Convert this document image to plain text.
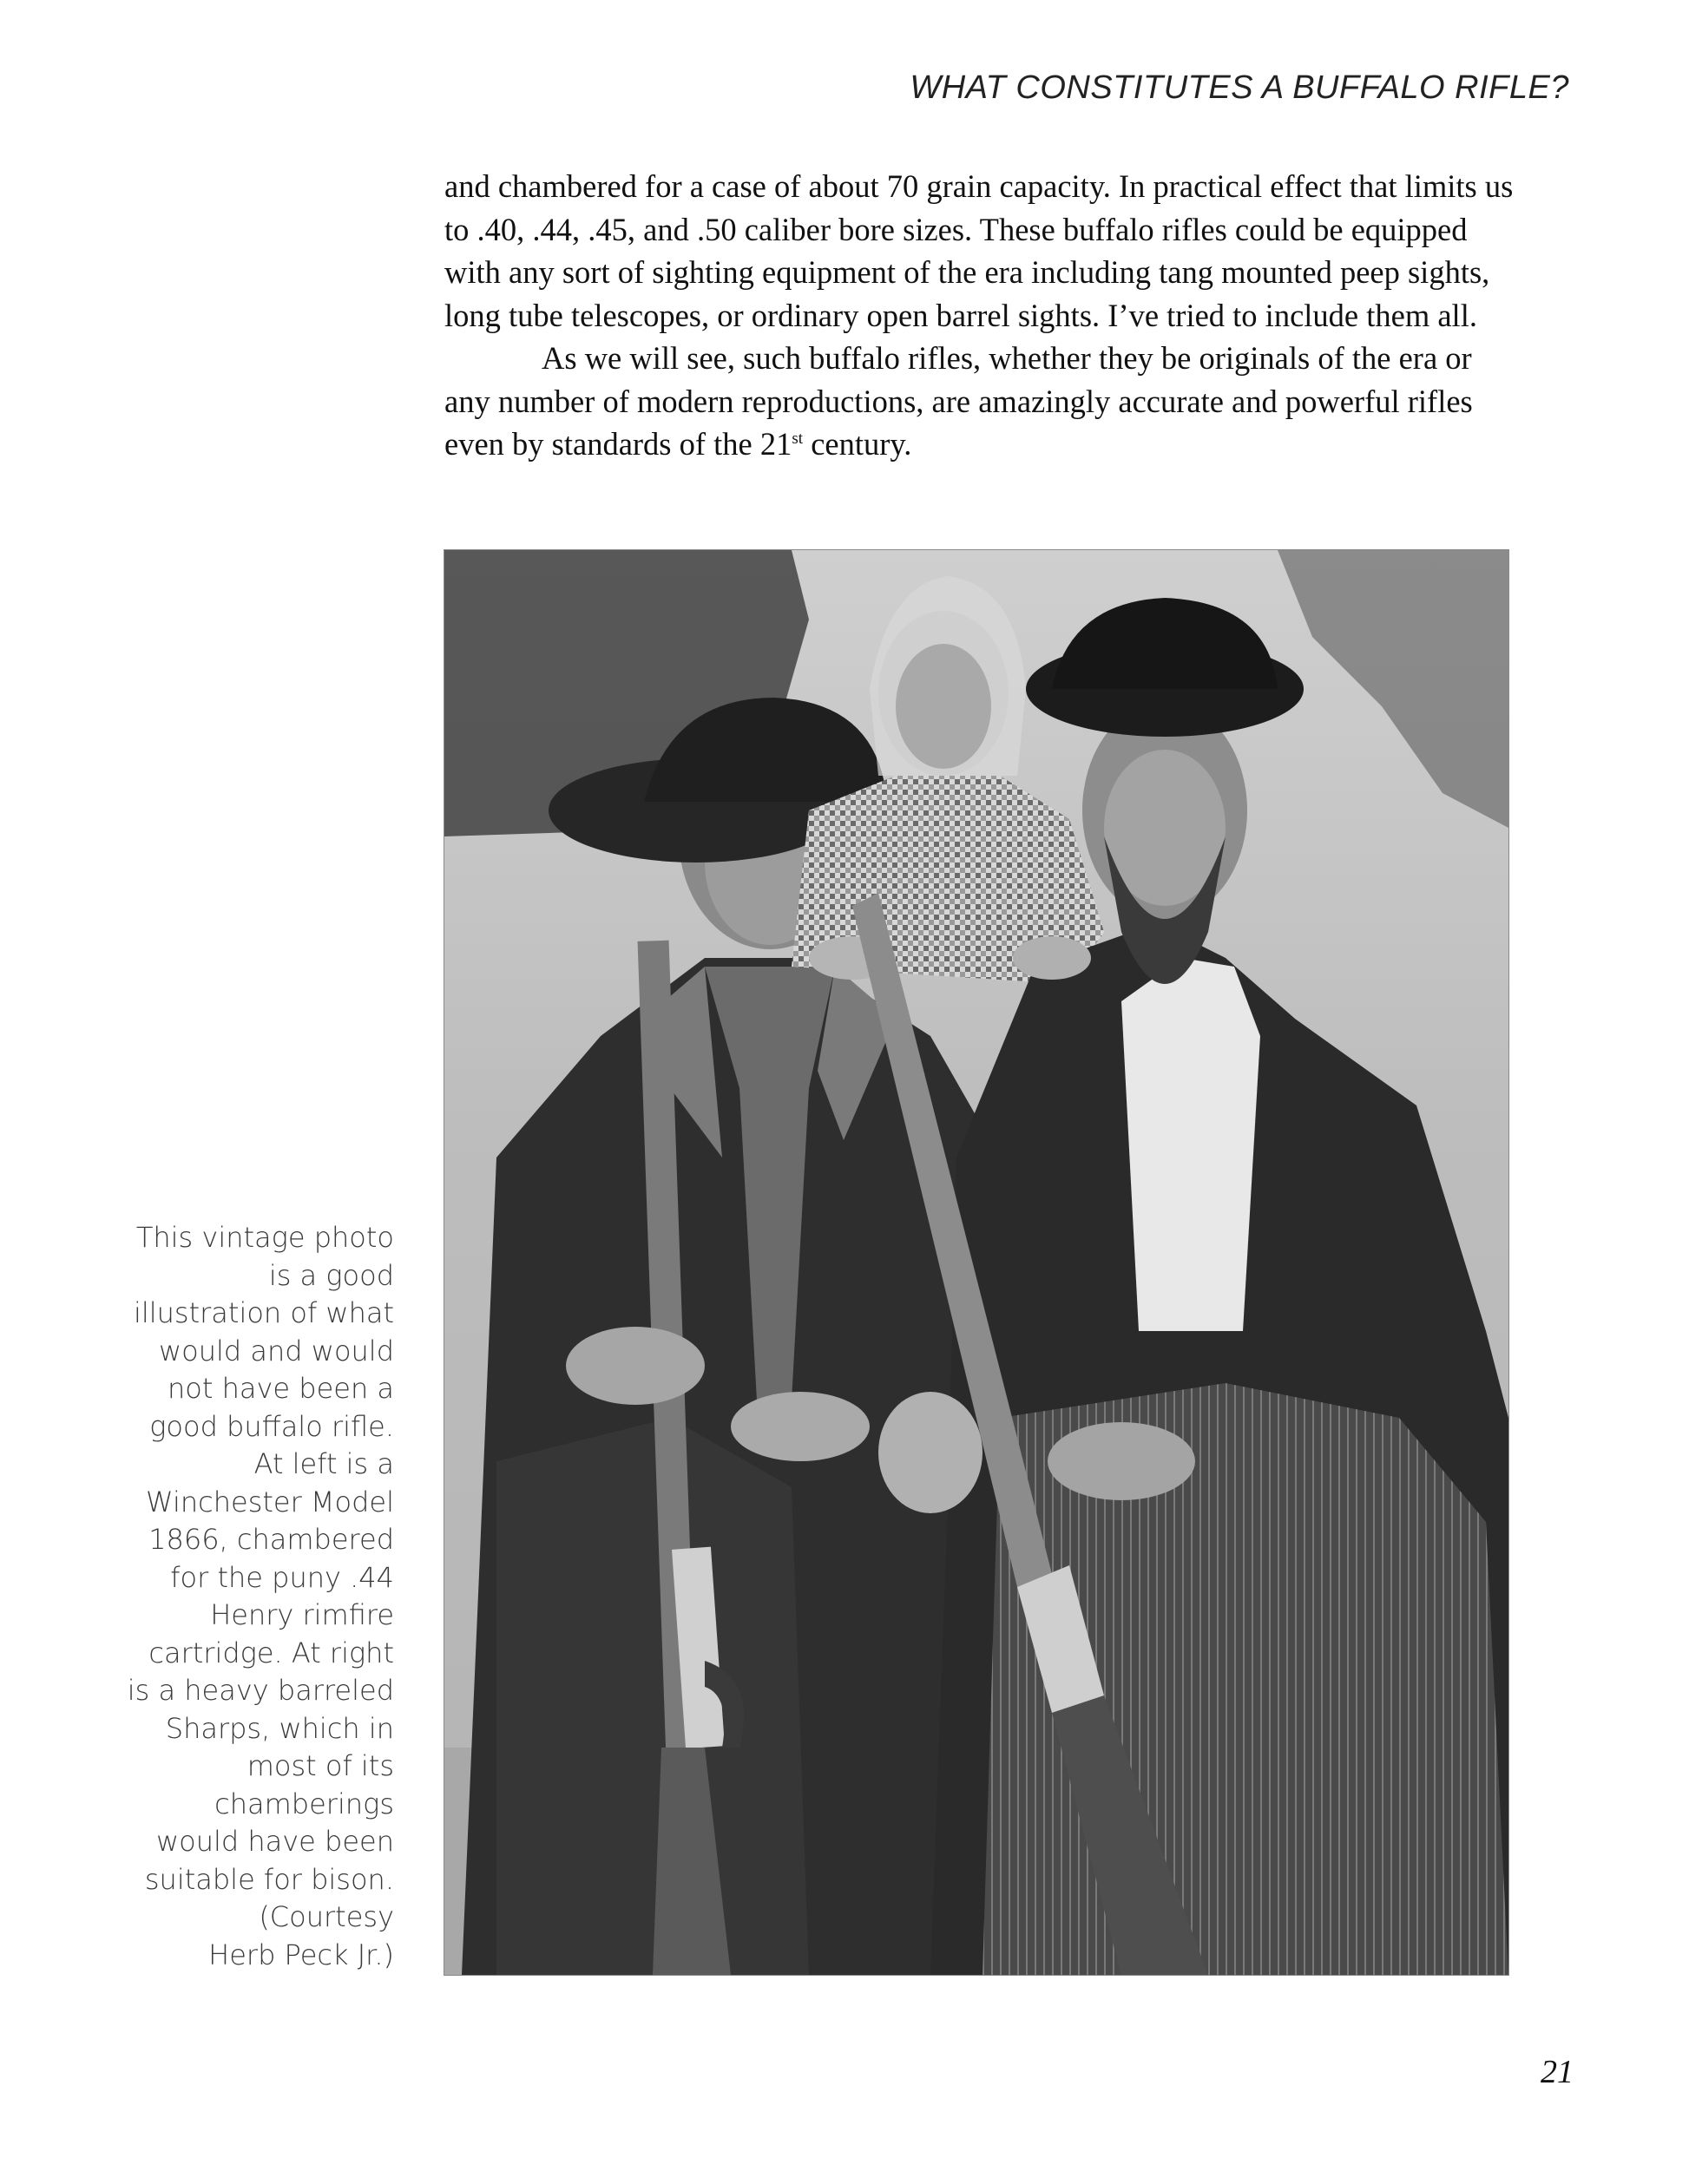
WHAT CONSTITUTES A BUFFALO RIFLE?

and chambered for a case of about 70 grain capacity. In practical effect that limits us to .40, .44, .45, and .50 caliber bore sizes. These buffalo rifles could be equipped with any sort of sighting equipment of the era including tang mounted peep sights, long tube telescopes, or ordinary open barrel sights. I’ve tried to include them all.

As we will see, such buffalo rifles, whether they be originals of the era or any number of modern reproductions, are amazingly accurate and powerful rifles even by standards of the 21st century.

This vintage photo
is a good
illustration of what
would and would
not have been a
good buffalo rifle.
At left is a
Winchester Model
1866, chambered
for the puny .44
Henry rimfire
cartridge. At right
is a heavy barreled
Sharps, which in
most of its
chamberings
would have been
suitable for bison.
(Courtesy
Herb Peck Jr.)

21
